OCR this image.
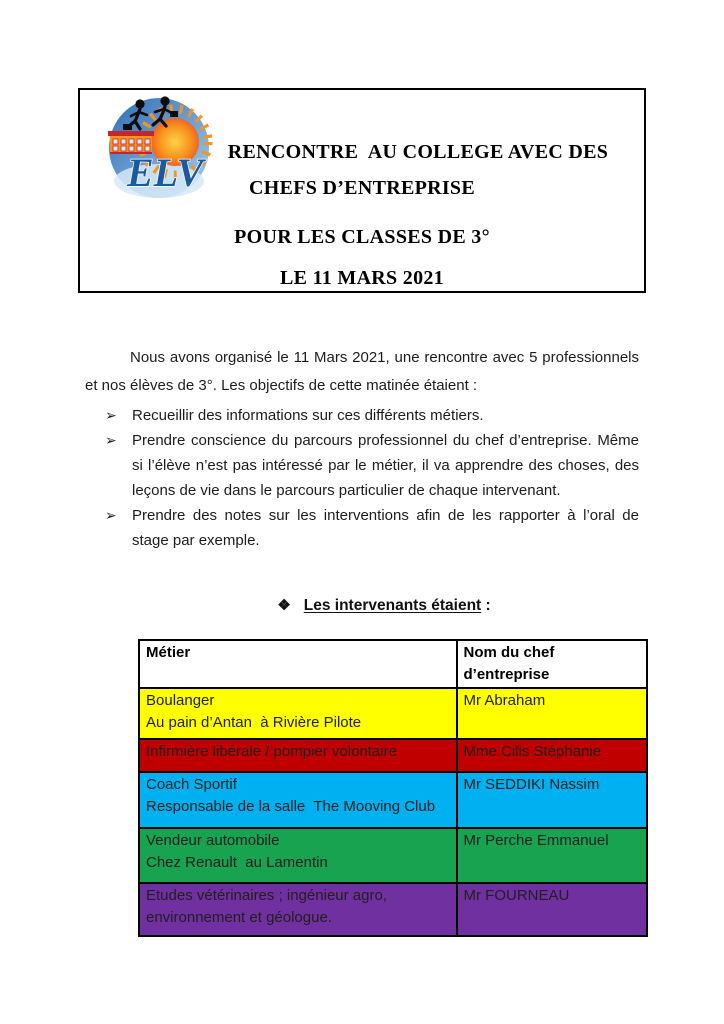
ELV	RENCONTRE  AU COLLEGE AVEC DES
CHEFS D’ENTREPRISE
POUR LES CLASSES DE 3°
LE 11 MARS 2021

Nous avons organisé le 11 Mars 2021, une rencontre avec 5 professionnels et nos élèves de 3°. Les objectifs de cette matinée étaient :

➢ Recueillir des informations sur ces différents métiers.
➢ Prendre conscience du parcours professionnel du chef d’entreprise. Même si l’élève n’est pas intéressé par le métier, il va apprendre des choses, des leçons de vie dans le parcours particulier de chaque intervenant.
➢ Prendre des notes sur les interventions afin de les rapporter à l’oral de stage par exemple.
❖ Les intervenants étaient :
Métier	Nom du chef d’entreprise

Boulanger
Au pain d’Antan  à Rivière Pilote	Mr Abraham

Infirmière libérale / pompier volontaire	Mme Cilis Stéphanie

Coach Sportif
Responsable de la salle  The Mooving Club	Mr SEDDIKI Nassim

Vendeur automobile
Chez Renault  au Lamentin	Mr Perche Emmanuel

Etudes vétérinaires ; ingénieur agro,
environnement et géologue.	Mr FOURNEAU
